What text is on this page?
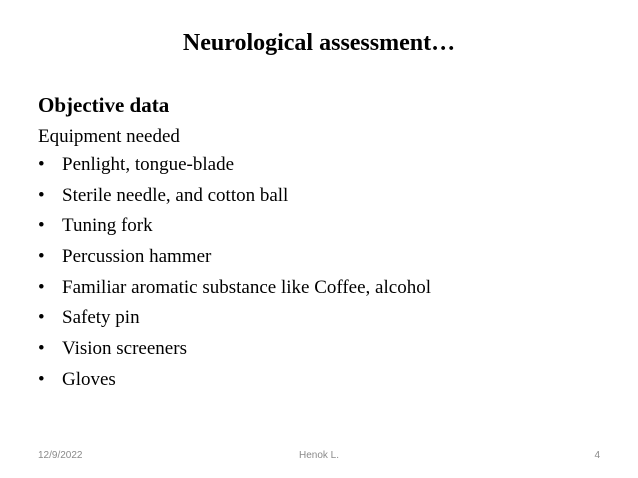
Neurological assessment…
Objective data
Equipment needed
• Penlight, tongue-blade
• Sterile needle, and cotton ball
• Tuning fork
• Percussion hammer
• Familiar aromatic substance like Coffee, alcohol
• Safety pin
• Vision screeners
• Gloves
Henok L.
12/9/2022	4
